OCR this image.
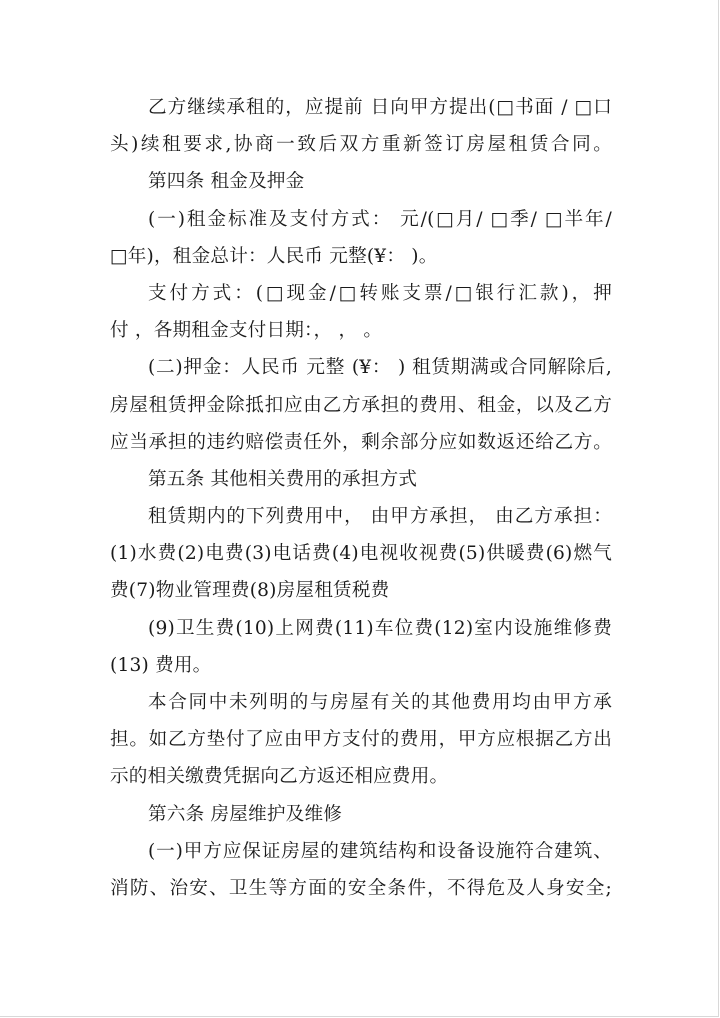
乙方继续承租的，应提前 日向甲方提出(□书面 / □口
头)续租要求,协商一致后双方重新签订房屋租赁合同。
第四条 租金及押金
(一)租金标准及支付方式： 元/(□月/ □季/ □半年/
□年)，租金总计：人民币 元整(¥： )。
支付方式：(□现金/□转账支票/□银行汇款)，押
付 ，各期租金支付日期：， ， 。
(二)押金：人民币 元整 (¥： ) 租赁期满或合同解除后,
房屋租赁押金除抵扣应由乙方承担的费用、租金，以及乙方
应当承担的违约赔偿责任外，剩余部分应如数返还给乙方。
第五条 其他相关费用的承担方式
租赁期内的下列费用中， 由甲方承担， 由乙方承担：
(1)水费(2)电费(3)电话费(4)电视收视费(5)供暖费(6)燃气
费(7)物业管理费(8)房屋租赁税费
(9)卫生费(10)上网费(11)车位费(12)室内设施维修费
(13) 费用。
本合同中未列明的与房屋有关的其他费用均由甲方承
担。如乙方垫付了应由甲方支付的费用，甲方应根据乙方出
示的相关缴费凭据向乙方返还相应费用。
第六条 房屋维护及维修
(一)甲方应保证房屋的建筑结构和设备设施符合建筑、
消防、治安、卫生等方面的安全条件，不得危及人身安全;
